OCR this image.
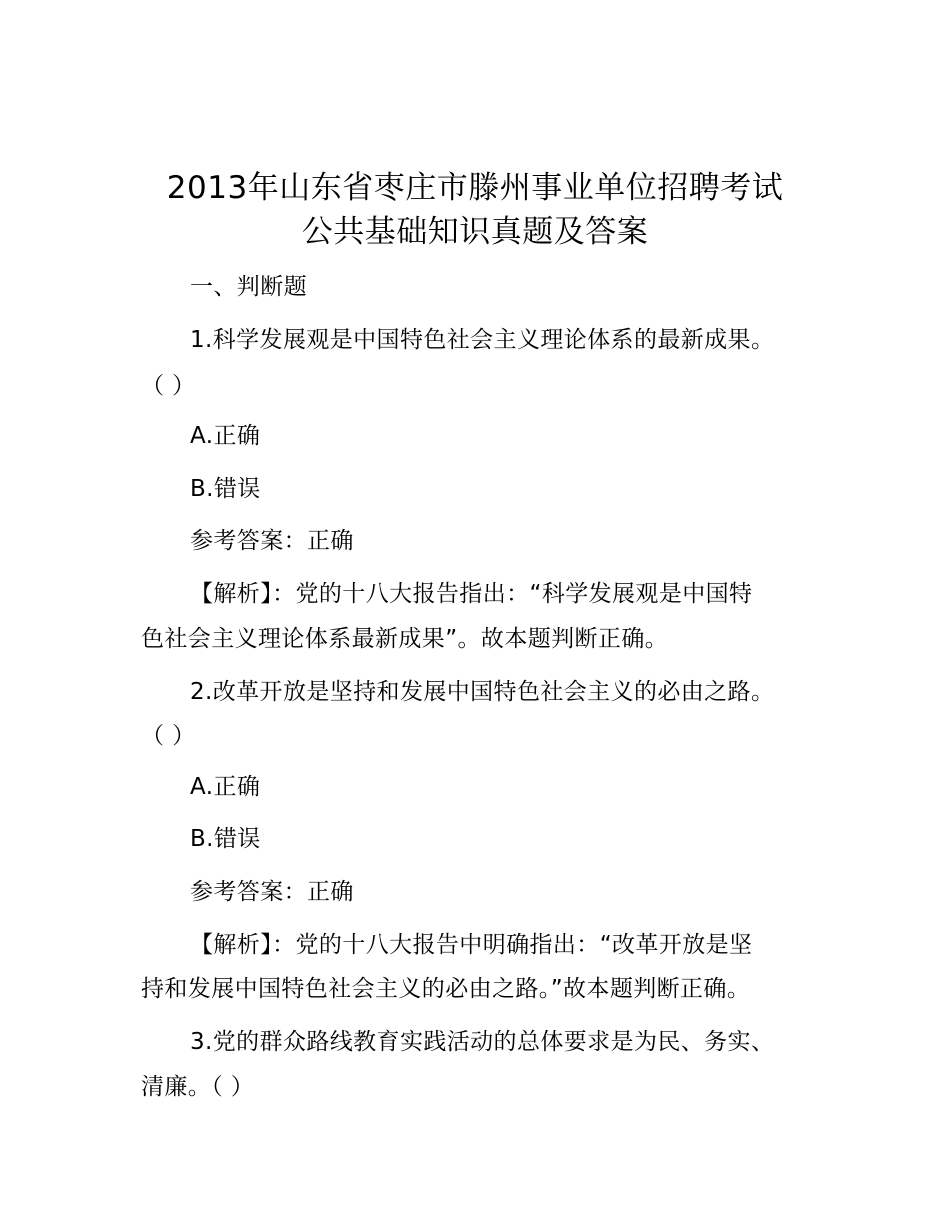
2013年山东省枣庄市滕州事业单位招聘考试
公共基础知识真题及答案
一、判断题
1.科学发展观是中国特色社会主义理论体系的最新成果。
（ ）
A.正确
B.错误
参考答案：正确
【解析】：党的十八大报告指出：“科学发展观是中国特
色社会主义理论体系最新成果”。故本题判断正确。
2.改革开放是坚持和发展中国特色社会主义的必由之路。
（ ）
A.正确
B.错误
参考答案：正确
【解析】：党的十八大报告中明确指出：“改革开放是坚
持和发展中国特色社会主义的必由之路。”故本题判断正确。
3.党的群众路线教育实践活动的总体要求是为民、务实、
清廉。（ ）
